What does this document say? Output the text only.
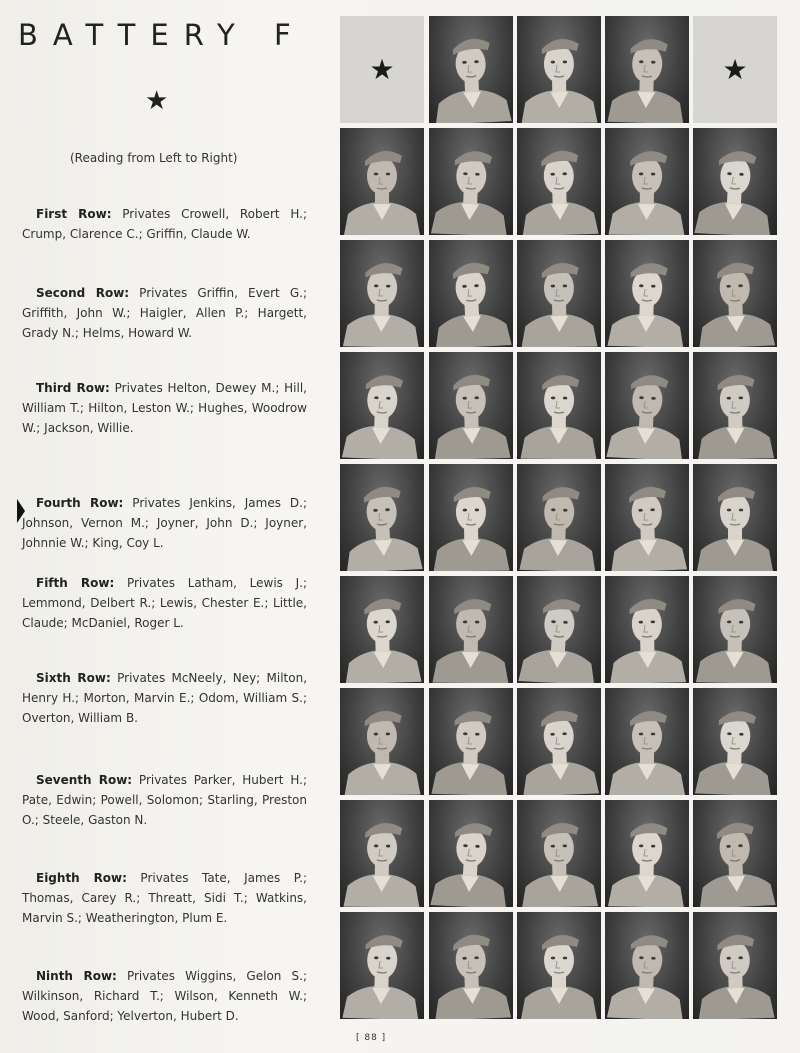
BATTERY F
★
(Reading from Left to Right)
First Row: Privates Crowell, Robert H.; Crump, Clarence C.; Griffin, Claude W.
Second Row: Privates Griffin, Evert G.; Griffith, John W.; Haigler, Allen P.; Hargett, Grady N.; Helms, Howard W.
Third Row: Privates Helton, Dewey M.; Hill, William T.; Hilton, Leston W.; Hughes, Woodrow W.; Jackson, Willie.
Fourth Row: Privates Jenkins, James D.; Johnson, Vernon M.; Joyner, John D.; Joyner, Johnnie W.; King, Coy L.
Fifth Row: Privates Latham, Lewis J.; Lemmond, Delbert R.; Lewis, Chester E.; Little, Claude; McDaniel, Roger L.
Sixth Row: Privates McNeely, Ney; Milton, Henry H.; Morton, Marvin E.; Odom, William S.; Overton, William B.
Seventh Row: Privates Parker, Hubert H.; Pate, Edwin; Powell, Solomon; Starling, Preston O.; Steele, Gaston N.
Eighth Row: Privates Tate, James P.; Thomas, Carey R.; Threatt, Sidi T.; Watkins, Marvin S.; Weatherington, Plum E.
Ninth Row: Privates Wiggins, Gelon S.; Wilkinson, Richard T.; Wilson, Kenneth W.; Wood, Sanford; Yelverton, Hubert D.
★	★
[ 88 ]
